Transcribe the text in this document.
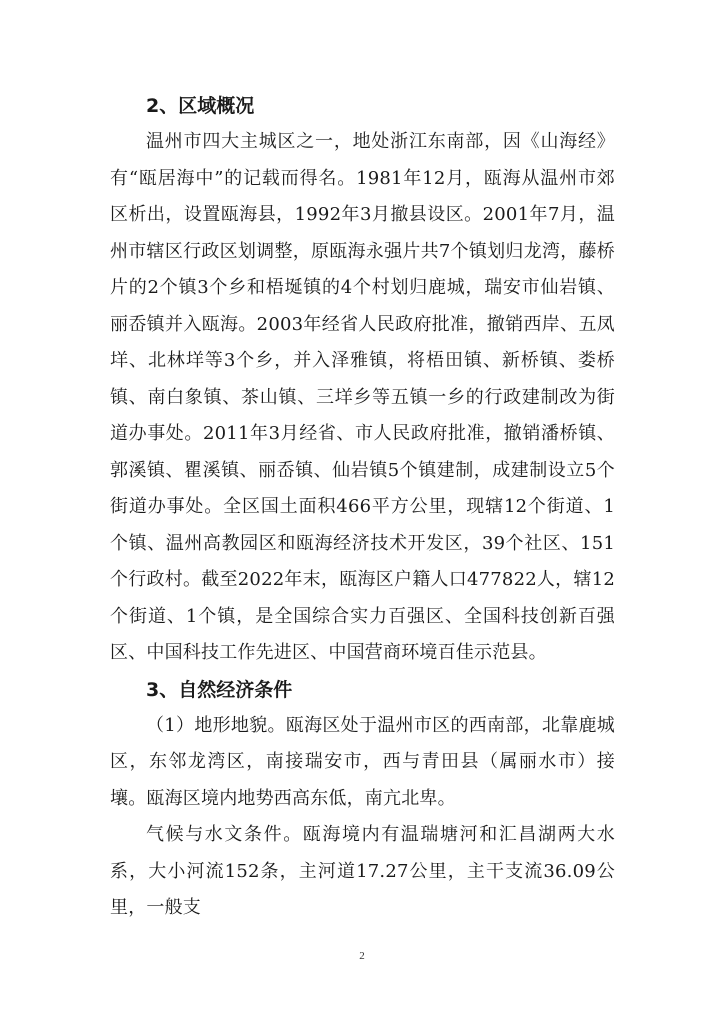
2、区域概况

温州市四大主城区之一，地处浙江东南部，因《山海经》有“瓯居海中”的记载而得名。1981年12月，瓯海从温州市郊区析出，设置瓯海县，1992年3月撤县设区。2001年7月，温州市辖区行政区划调整，原瓯海永强片共7个镇划归龙湾，藤桥片的2个镇3个乡和梧埏镇的4个村划归鹿城，瑞安市仙岩镇、丽岙镇并入瓯海。2003年经省人民政府批准，撤销西岸、五凤垟、北林垟等3个乡，并入泽雅镇，将梧田镇、新桥镇、娄桥镇、南白象镇、茶山镇、三垟乡等五镇一乡的行政建制改为街道办事处。2011年3月经省、市人民政府批准，撤销潘桥镇、郭溪镇、瞿溪镇、丽岙镇、仙岩镇5个镇建制，成建制设立5个街道办事处。全区国土面积466平方公里，现辖12个街道、1个镇、温州高教园区和瓯海经济技术开发区，39个社区、151个行政村。截至2022年末，瓯海区户籍人口477822人，辖12个街道、1个镇，是全国综合实力百强区、全国科技创新百强区、中国科技工作先进区、中国营商环境百佳示范县。

3、自然经济条件

（1）地形地貌。瓯海区处于温州市区的西南部，北靠鹿城区，东邻龙湾区，南接瑞安市，西与青田县（属丽水市）接壤。瓯海区境内地势西高东低，南亢北卑。

气候与水文条件。瓯海境内有温瑞塘河和汇昌湖两大水系，大小河流152条，主河道17.27公里，主干支流36.09公里，一般支

2
